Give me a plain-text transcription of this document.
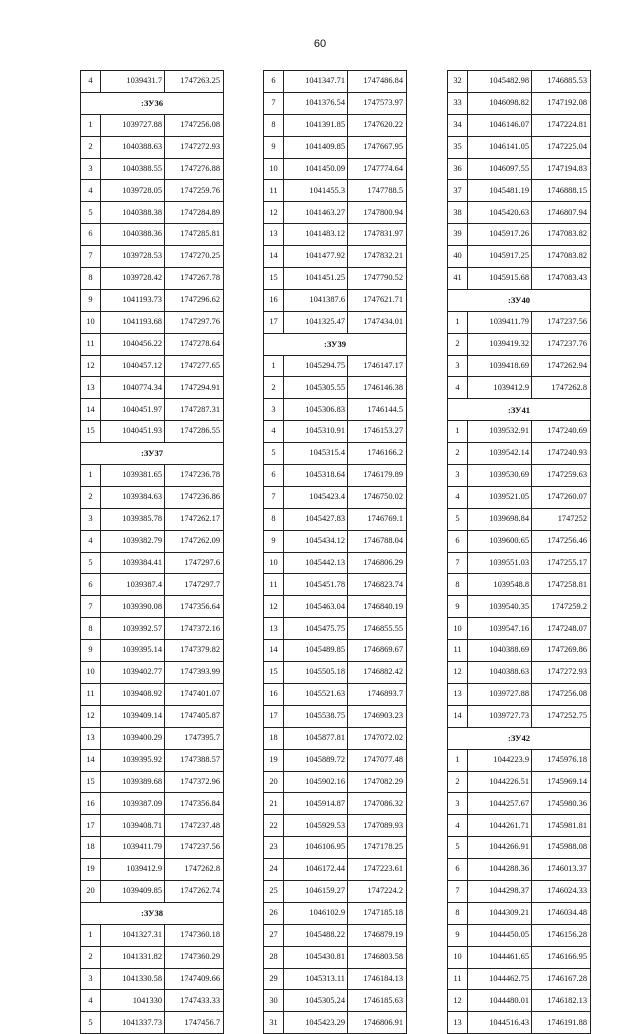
60
4	1039431.7	1747263.25
:ЗУ36		
1	1039727.88	1747256.08
2	1040388.63	1747272.93
3	1040388.55	1747276.88
4	1039728.05	1747259.76
5	1040388.38	1747284.89
6	1040388.36	1747285.81
7	1039728.53	1747270.25
8	1039728.42	1747267.78
9	1041193.73	1747296.62
10	1041193.68	1747297.76
11	1040456.22	1747278.64
12	1040457.12	1747277.65
13	1040774.34	1747294.91
14	1040451.97	1747287.31
15	1040451.93	1747286.55
:ЗУ37		
1	1039381.65	1747236.78
2	1039384.63	1747236.86
3	1039385.78	1747262.17
4	1039382.79	1747262.09
5	1039384.41	1747297.6
6	1039387.4	1747297.7
7	1039390.08	1747356.64
8	1039392.57	1747372.16
9	1039395.14	1747379.82
10	1039402.77	1747393.99
11	1039408.92	1747401.07
12	1039409.14	1747405.87
13	1039400.29	1747395.7
14	1039395.92	1747388.57
15	1039389.68	1747372.96
16	1039387.09	1747356.84
17	1039408.71	1747237.48
18	1039411.79	1747237.56
19	1039412.9	1747262.8
20	1039409.85	1747262.74
:ЗУ38		
1	1041327.31	1747360.18
2	1041331.82	1747360.29
3	1041330.58	1747409.66
4	1041330	1747433.33
5	1041337.73	1747456.7
6	1041347.71	1747486.84
7	1041376.54	1747573.97
8	1041391.85	1747620.22
9	1041409.85	1747667.95
10	1041450.09	1747774.64
11	1041455.3	1747788.5
12	1041463.27	1747800.94
13	1041483.12	1747831.97
14	1041477.92	1747832.21
15	1041451.25	1747790.52
16	1041387.6	1747621.71
17	1041325.47	1747434.01
:ЗУ39		
1	1045294.75	1746147.17
2	1045305.55	1746146.38
3	1045306.83	1746144.5
4	1045310.91	1746153.27
5	1045315.4	1746166.2
6	1045318.64	1746179.89
7	1045423.4	1746750.02
8	1045427.83	1746769.1
9	1045434.12	1746788.04
10	1045442.13	1746806.29
11	1045451.78	1746823.74
12	1045463.04	1746840.19
13	1045475.75	1746855.55
14	1045489.85	1746869.67
15	1045505.18	1746882.42
16	1045521.63	1746893.7
17	1045538.75	1746903.23
18	1045877.81	1747072.02
19	1045889.72	1747077.48
20	1045902.16	1747082.29
21	1045914.87	1747086.32
22	1045929.53	1747089.93
23	1046106.95	1747178.25
24	1046172.44	1747223.61
25	1046159.27	1747224.2
26	1046102.9	1747185.18
27	1045488.22	1746879.19
28	1045430.81	1746803.58
29	1045313.11	1746184.13
30	1045305.24	1746185.63
31	1045423.29	1746806.91
32	1045482.98	1746885.53
33	1046098.82	1747192.08
34	1046146.07	1747224.81
35	1046141.05	1747225.04
36	1046097.55	1747194.83
37	1045481.19	1746888.15
38	1045420.63	1746807.94
39	1045917.26	1747083.82
40	1045917.25	1747083.82
41	1045915.68	1747083.43
:ЗУ40		
1	1039411.79	1747237.56
2	1039419.32	1747237.76
3	1039418.69	1747262.94
4	1039412.9	1747262.8
:ЗУ41		
1	1039532.91	1747240.69
2	1039542.14	1747240.93
3	1039530.69	1747259.63
4	1039521.05	1747260.07
5	1039698.84	1747252
6	1039600.65	1747256.46
7	1039551.03	1747255.17
8	1039548.8	1747258.81
9	1039540.35	1747259.2
10	1039547.16	1747248.07
11	1040388.69	1747269.86
12	1040388.63	1747272.93
13	1039727.88	1747256.08
14	1039727.73	1747252.75
:ЗУ42		
1	1044223.9	1745976.18
2	1044226.51	1745969.14
3	1044257.67	1745980.36
4	1044261.71	1745981.81
5	1044266.91	1745988.08
6	1044288.36	1746013.37
7	1044298.37	1746024.33
8	1044309.21	1746034.48
9	1044450.05	1746156.28
10	1044461.65	1746166.95
11	1044462.75	1746167.28
12	1044480.01	1746182.13
13	1044516.43	1746191.88
